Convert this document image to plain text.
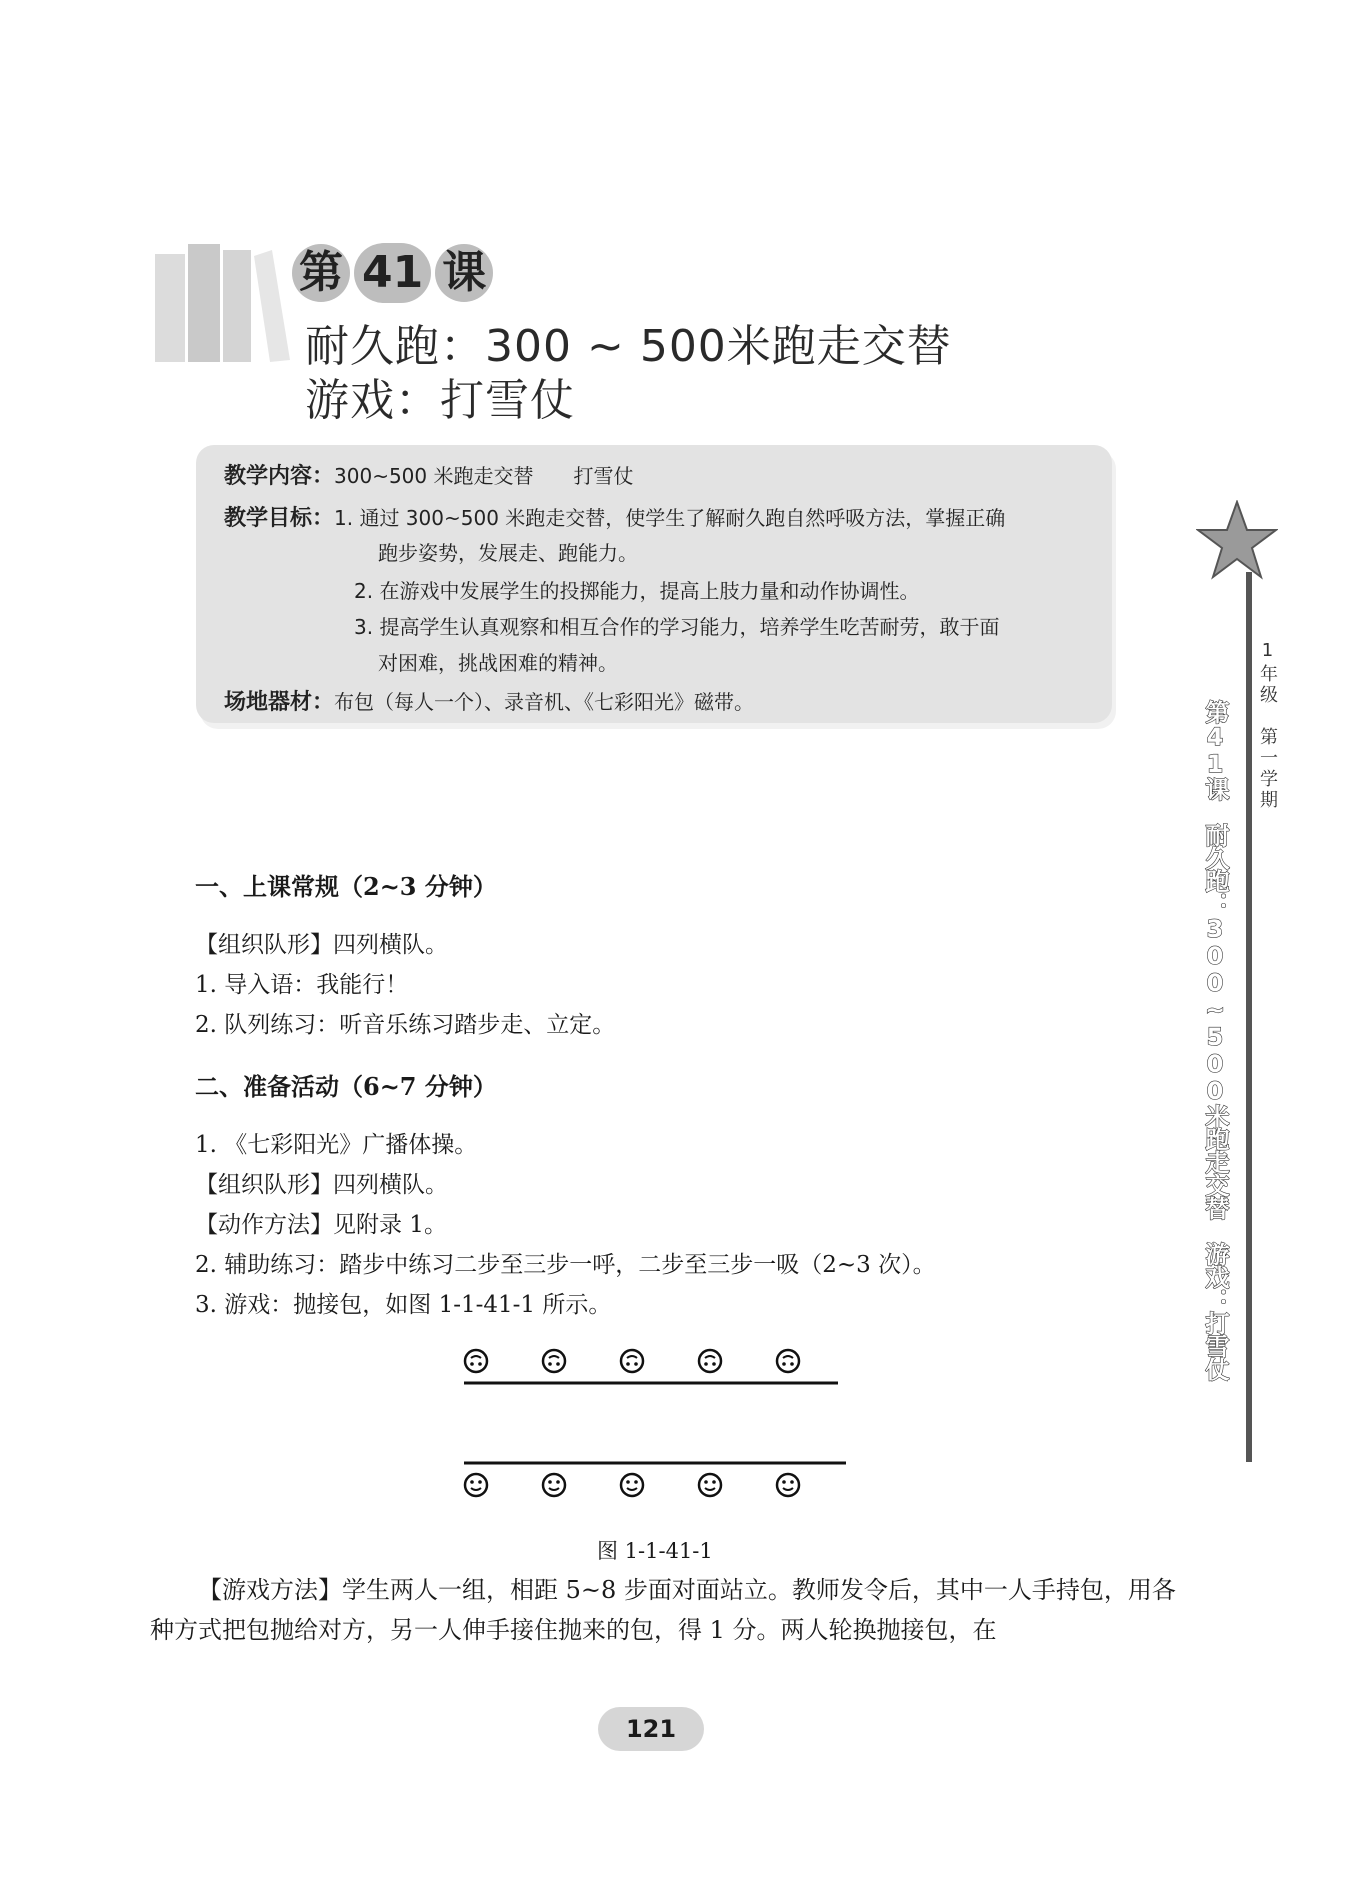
第 41 课
耐久跑：300 ~ 500米跑走交替
游戏：打雪仗
教学内容：300~500 米跑走交替　　打雪仗
教学目标：1. 通过 300~500 米跑走交替，使学生了解耐久跑自然呼吸方法，掌握正确
跑步姿势，发展走、跑能力。
2. 在游戏中发展学生的投掷能力，提高上肢力量和动作协调性。
3. 提高学生认真观察和相互合作的学习能力，培养学生吃苦耐劳，敢于面
对困难，挑战困难的精神。
场地器材：布包（每人一个）、录音机、《七彩阳光》磁带。
一、上课常规（2~3 分钟）
【组织队形】四列横队。
1. 导入语：我能行！
2. 队列练习：听音乐练习踏步走、立定。
二、准备活动（6~7 分钟）
1. 《七彩阳光》广播体操。
【组织队形】四列横队。
【动作方法】见附录 1。
2. 辅助练习：踏步中练习二步至三步一呼，二步至三步一吸（2~3 次）。
3. 游戏：抛接包，如图 1-1-41-1 所示。
图 1-1-41-1
【游戏方法】学生两人一组，相距 5~8 步面对面站立。教师发令后，其中一人手持包，用各种方式把包抛给对方，另一人伸手接住抛来的包，得 1 分。两人轮换抛接包，在
121
1年级　第一学期
第41课　耐久跑：300~500米跑走交替　游戏：打雪仗
